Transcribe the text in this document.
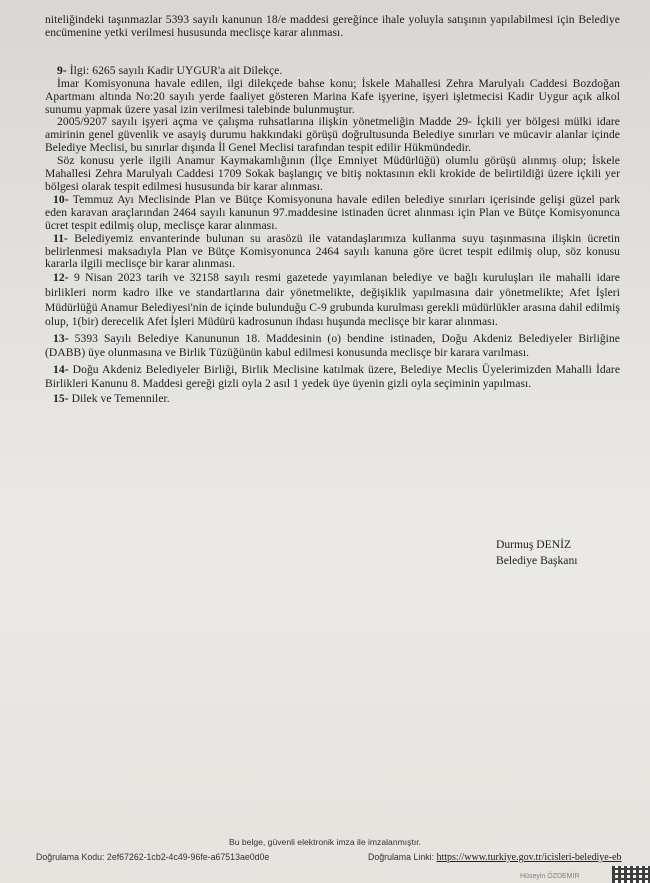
niteliğindeki taşınmazlar 5393 sayılı kanunun 18/e maddesi gereğince ihale yoluyla satışının yapılabilmesi için Belediye encümenine yetki verilmesi hususunda meclisçe karar alınması.

9- İlgi: 6265 sayılı Kadir UYGUR'a ait Dilekçe.

İmar Komisyonuna havale edilen, ilgi dilekçede bahse konu; İskele Mahallesi Zehra Marulyalı Caddesi Bozdoğan Apartmanı altında No:20 sayılı yerde faaliyet gösteren Marina Kafe işyerine, işyeri işletmecisi Kadir Uygur açık alkol sunumu yapmak üzere yasal izin verilmesi talebinde bulunmuştur.

2005/9207 sayılı işyeri açma ve çalışma ruhsatlarına ilişkin yönetmeliğin Madde 29- İçkili yer bölgesi mülki idare amirinin genel güvenlik ve asayiş durumu hakkındaki görüşü doğrultusunda Belediye sınırları ve mücavir alanlar içinde Belediye Meclisi, bu sınırlar dışında İl Genel Meclisi tarafından tespit edilir Hükmündedir.

Söz konusu yerle ilgili Anamur Kaymakamlığının (İlçe Emniyet Müdürlüğü) olumlu görüşü alınmış olup; İskele Mahallesi Zehra Marulyalı Caddesi 1709 Sokak başlangıç ve bitiş noktasının ekli krokide de belirtildiği üzere içkili yer bölgesi olarak tespit edilmesi hususunda bir karar alınması.

10- Temmuz Ayı Meclisinde Plan ve Bütçe Komisyonuna havale edilen belediye sınırları içerisinde gelişi güzel park eden karavan araçlarından 2464 sayılı kanunun 97.maddesine istinaden ücret alınması için Plan ve Bütçe Komisyonunca ücret tespit edilmiş olup, meclisçe karar alınması.

11- Belediyemiz envanterinde bulunan su arasözü ile vatandaşlarımıza kullanma suyu taşınmasına ilişkin ücretin belirlenmesi maksadıyla Plan ve Bütçe Komisyonunca 2464 sayılı kanuna göre ücret tespit edilmiş olup, söz konusu kararla ilgili meclisçe bir karar alınması.

12- 9 Nisan 2023 tarih ve 32158 sayılı resmi gazetede yayımlanan belediye ve bağlı kuruluşları ile mahalli idare birlikleri norm kadro ilke ve standartlarına dair yönetmelikte, değişiklik yapılmasına dair yönetmelikte; Afet İşleri Müdürlüğü Anamur Belediyesi'nin de içinde bulunduğu C-9 grubunda kurulması gerekli müdürlükler arasına dahil edilmiş olup, 1(bir) derecelik Afet İşleri Müdürü kadrosunun ihdası huşunda meclisçe bir karar alınması.

13- 5393 Sayılı Belediye Kanununun 18. Maddesinin (o) bendine istinaden, Doğu Akdeniz Belediyeler Birliğine (DABB) üye olunmasına ve Birlik Tüzüğünün kabul edilmesi konusunda meclisçe bir karara varılması.

14- Doğu Akdeniz Belediyeler Birliği, Birlik Meclisine katılmak üzere, Belediye Meclis Üyelerimizden Mahalli İdare Birlikleri Kanunu 8. Maddesi gereği gizli oyla 2 asıl 1 yedek üye üyenin gizli oyla seçiminin yapılması.

15- Dilek ve Temenniler.

Durmuş DENİZ
Belediye Başkanı
Bu belge, güvenli elektronik imza ile imzalanmıştır.
Doğrulama Kodu: 2ef67262-1cb2-4c49-96fe-a67513ae0d0e	Doğrulama Linki: https://www.turkiye.gov.tr/icisleri-belediye-eb
Hüseyin ÖZDEMİR
